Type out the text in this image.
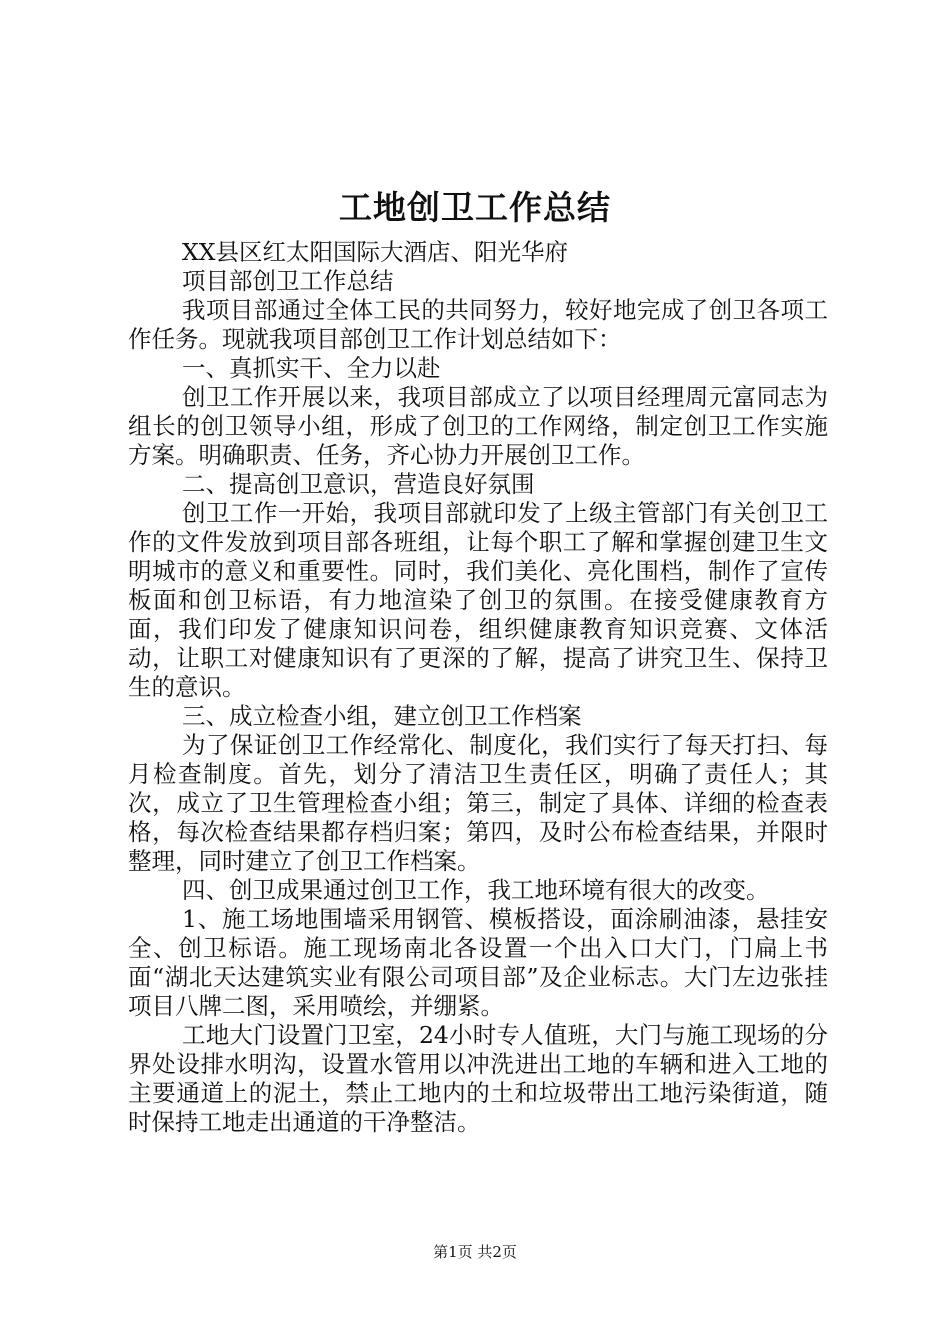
工地创卫工作总结

XX县区红太阳国际大酒店、阳光华府

项目部创卫工作总结

我项目部通过全体工民的共同努力，较好地完成了创卫各项工作任务。现就我项目部创卫工作计划总结如下：

一、真抓实干、全力以赴

创卫工作开展以来，我项目部成立了以项目经理周元富同志为组长的创卫领导小组，形成了创卫的工作网络，制定创卫工作实施方案。明确职责、任务，齐心协力开展创卫工作。

二、提高创卫意识，营造良好氛围

创卫工作一开始，我项目部就印发了上级主管部门有关创卫工作的文件发放到项目部各班组，让每个职工了解和掌握创建卫生文明城市的意义和重要性。同时，我们美化、亮化围档，制作了宣传板面和创卫标语，有力地渲染了创卫的氛围。在接受健康教育方面，我们印发了健康知识问卷，组织健康教育知识竞赛、文体活动，让职工对健康知识有了更深的了解，提高了讲究卫生、保持卫生的意识。

三、成立检查小组，建立创卫工作档案

为了保证创卫工作经常化、制度化，我们实行了每天打扫、每月检查制度。首先，划分了清洁卫生责任区，明确了责任人；其次，成立了卫生管理检查小组；第三，制定了具体、详细的检查表格，每次检查结果都存档归案；第四，及时公布检查结果，并限时整理，同时建立了创卫工作档案。

四、创卫成果通过创卫工作，我工地环境有很大的改变。

1、施工场地围墙采用钢管、模板搭设，面涂刷油漆，悬挂安全、创卫标语。施工现场南北各设置一个出入口大门，门扁上书面“湖北天达建筑实业有限公司项目部”及企业标志。大门左边张挂项目八牌二图，采用喷绘，并绷紧。

工地大门设置门卫室，24小时专人值班，大门与施工现场的分界处设排水明沟，设置水管用以冲洗进出工地的车辆和进入工地的主要通道上的泥土，禁止工地内的土和垃圾带出工地污染街道，随时保持工地走出通道的干净整洁。

第1页 共2页
